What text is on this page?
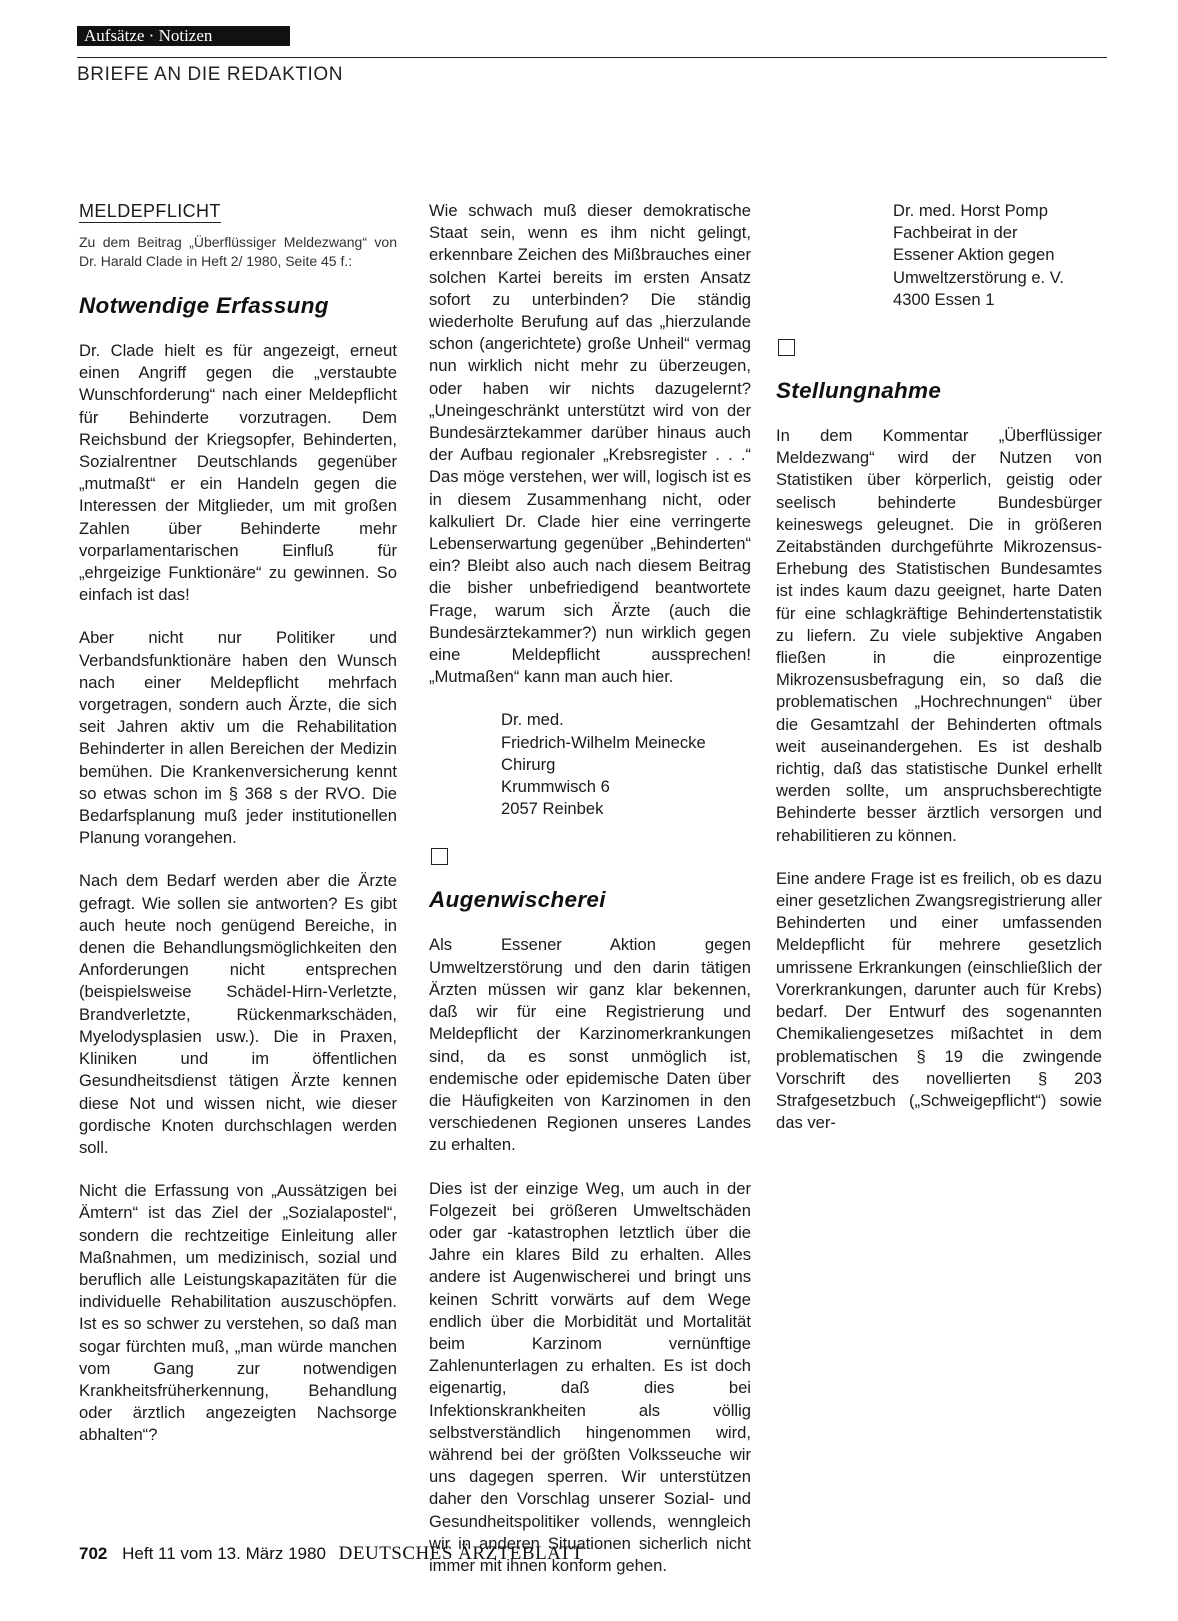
Aufsätze · Notizen
BRIEFE AN DIE REDAKTION
MELDEPFLICHT

Zu dem Beitrag „Überflüssiger Meldezwang“ von Dr. Harald Clade in Heft 2/ 1980, Seite 45 f.:

Notwendige Erfassung

Dr. Clade hielt es für angezeigt, erneut einen Angriff gegen die „verstaubte Wunschforderung“ nach einer Meldepflicht für Behinderte vorzutragen. Dem Reichsbund der Kriegsopfer, Behinderten, Sozialrentner Deutschlands gegenüber „mutmaßt“ er ein Handeln gegen die Interessen der Mitglieder, um mit großen Zahlen über Behinderte mehr vorparlamentarischen Einfluß für „ehrgeizige Funktionäre“ zu gewinnen. So einfach ist das!

Aber nicht nur Politiker und Verbandsfunktionäre haben den Wunsch nach einer Meldepflicht mehrfach vorgetragen, sondern auch Ärzte, die sich seit Jahren aktiv um die Rehabilitation Behinderter in allen Bereichen der Medizin bemühen. Die Krankenversicherung kennt so etwas schon im § 368 s der RVO. Die Bedarfsplanung muß jeder institutionellen Planung vorangehen.

Nach dem Bedarf werden aber die Ärzte gefragt. Wie sollen sie antworten? Es gibt auch heute noch genügend Bereiche, in denen die Behandlungsmöglichkeiten den Anforderungen nicht entsprechen (beispielsweise Schädel-Hirn-Verletzte, Brandverletzte, Rückenmarkschäden, Myelodysplasien usw.). Die in Praxen, Kliniken und im öffentlichen Gesundheitsdienst tätigen Ärzte kennen diese Not und wissen nicht, wie dieser gordische Knoten durchschlagen werden soll.

Nicht die Erfassung von „Aussätzigen bei Ämtern“ ist das Ziel der „Sozialapostel“, sondern die rechtzeitige Einleitung aller Maßnahmen, um medizinisch, sozial und beruflich alle Leistungskapazitäten für die individuelle Rehabilitation auszuschöpfen. Ist es so schwer zu verstehen, so daß man sogar fürchten muß, „man würde manchen vom Gang zur notwendigen Krankheitsfrüherkennung, Behandlung oder ärztlich angezeigten Nachsorge abhalten“?

Wie schwach muß dieser demokratische Staat sein, wenn es ihm nicht gelingt, erkennbare Zeichen des Mißbrauches einer solchen Kartei bereits im ersten Ansatz sofort zu unterbinden? Die ständig wiederholte Berufung auf das „hierzulande schon (angerichtete) große Unheil“ vermag nun wirklich nicht mehr zu überzeugen, oder haben wir nichts dazugelernt? „Uneingeschränkt unterstützt wird von der Bundesärztekammer darüber hinaus auch der Aufbau regionaler „Krebsregister . . .“ Das möge verstehen, wer will, logisch ist es in diesem Zusammenhang nicht, oder kalkuliert Dr. Clade hier eine verringerte Lebenserwartung gegenüber „Behinderten“ ein? Bleibt also auch nach diesem Beitrag die bisher unbefriedigend beantwortete Frage, warum sich Ärzte (auch die Bundesärztekammer?) nun wirklich gegen eine Meldepflicht aussprechen! „Mutmaßen“ kann man auch hier.

Dr. med.
Friedrich-Wilhelm Meinecke
Chirurg
Krummwisch 6
2057 Reinbek
Augenwischerei

Als Essener Aktion gegen Umweltzerstörung und den darin tätigen Ärzten müssen wir ganz klar bekennen, daß wir für eine Registrierung und Meldepflicht der Karzinomerkrankungen sind, da es sonst unmöglich ist, endemische oder epidemische Daten über die Häufigkeiten von Karzinomen in den verschiedenen Regionen unseres Landes zu erhalten.

Dies ist der einzige Weg, um auch in der Folgezeit bei größeren Umweltschäden oder gar -katastrophen letztlich über die Jahre ein klares Bild zu erhalten. Alles andere ist Augenwischerei und bringt uns keinen Schritt vorwärts auf dem Wege endlich über die Morbidität und Mortalität beim Karzinom vernünftige Zahlenunterlagen zu erhalten. Es ist doch eigenartig, daß dies bei Infektionskrankheiten als völlig selbstverständlich hingenommen wird, während bei der größten Volksseuche wir uns dagegen sperren. Wir unterstützen daher den Vorschlag unserer Sozial- und Gesundheitspolitiker vollends, wenngleich wir in anderen Situationen sicherlich nicht immer mit ihnen konform gehen.

Dr. med. Horst Pomp
Fachbeirat in der
Essener Aktion gegen
Umweltzerstörung e. V.
4300 Essen 1
Stellungnahme

In dem Kommentar „Überflüssiger Meldezwang“ wird der Nutzen von Statistiken über körperlich, geistig oder seelisch behinderte Bundesbürger keineswegs geleugnet. Die in größeren Zeitabständen durchgeführte Mikrozensus-Erhebung des Statistischen Bundesamtes ist indes kaum dazu geeignet, harte Daten für eine schlagkräftige Behindertenstatistik zu liefern. Zu viele subjektive Angaben fließen in die einprozentige Mikrozensusbefragung ein, so daß die problematischen „Hochrechnungen“ über die Gesamtzahl der Behinderten oftmals weit auseinandergehen. Es ist deshalb richtig, daß das statistische Dunkel erhellt werden sollte, um anspruchsberechtigte Behinderte besser ärztlich versorgen und rehabilitieren zu können.

Eine andere Frage ist es freilich, ob es dazu einer gesetzlichen Zwangsregistrierung aller Behinderten und einer umfassenden Meldepflicht für mehrere gesetzlich umrissene Erkrankungen (einschließlich der Vorerkrankungen, darunter auch für Krebs) bedarf. Der Entwurf des sogenannten Chemikaliengesetzes mißachtet in dem problematischen § 19 die zwingende Vorschrift des novellierten § 203 Strafgesetzbuch („Schweigepflicht“) sowie das ver-

702 Heft 11 vom 13. März 1980 DEUTSCHES ÄRZTEBLATT
